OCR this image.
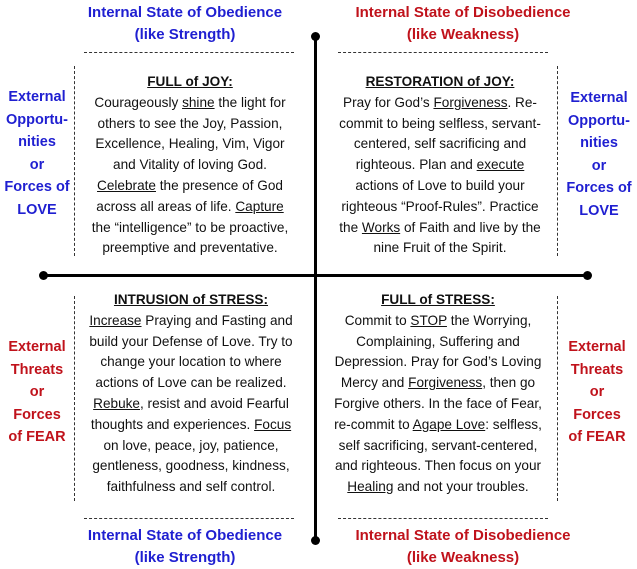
Internal State of Obedience
(like Strength)
Internal State of Disobedience
(like Weakness)
Internal State of Obedience
(like Strength)
Internal State of Disobedience
(like Weakness)
External
Opportu-
nities
or
Forces of
LOVE
External
Opportu-
nities
or
Forces of
LOVE
External
Threats
or
Forces
of FEAR
External
Threats
or
Forces
of FEAR
FULL of JOY:
Courageously shine the light for others to see the Joy, Passion, Excellence, Healing, Vim, Vigor and Vitality of loving God. Celebrate the presence of God across all areas of life. Capture the “intelligence” to be proactive, preemptive and preventative.
RESTORATION of JOY:
Pray for God’s Forgiveness. Re-commit to being selfless, servant-centered, self sacrificing and righteous. Plan and execute actions of Love to build your righteous “Proof-Rules”. Practice the Works of Faith and live by the nine Fruit of the Spirit.
INTRUSION of STRESS:
Increase Praying and Fasting and build your Defense of Love. Try to change your location to where actions of Love can be realized. Rebuke, resist and avoid Fearful thoughts and experiences. Focus on love, peace, joy, patience, gentleness, goodness, kindness, faithfulness and self control.
FULL of STRESS:
Commit to STOP the Worrying, Complaining, Suffering and Depression. Pray for God’s Loving Mercy and Forgiveness, then go Forgive others. In the face of Fear, re-commit to Agape Love: selfless, self sacrificing, servant-centered, and righteous. Then focus on your Healing and not your troubles.
